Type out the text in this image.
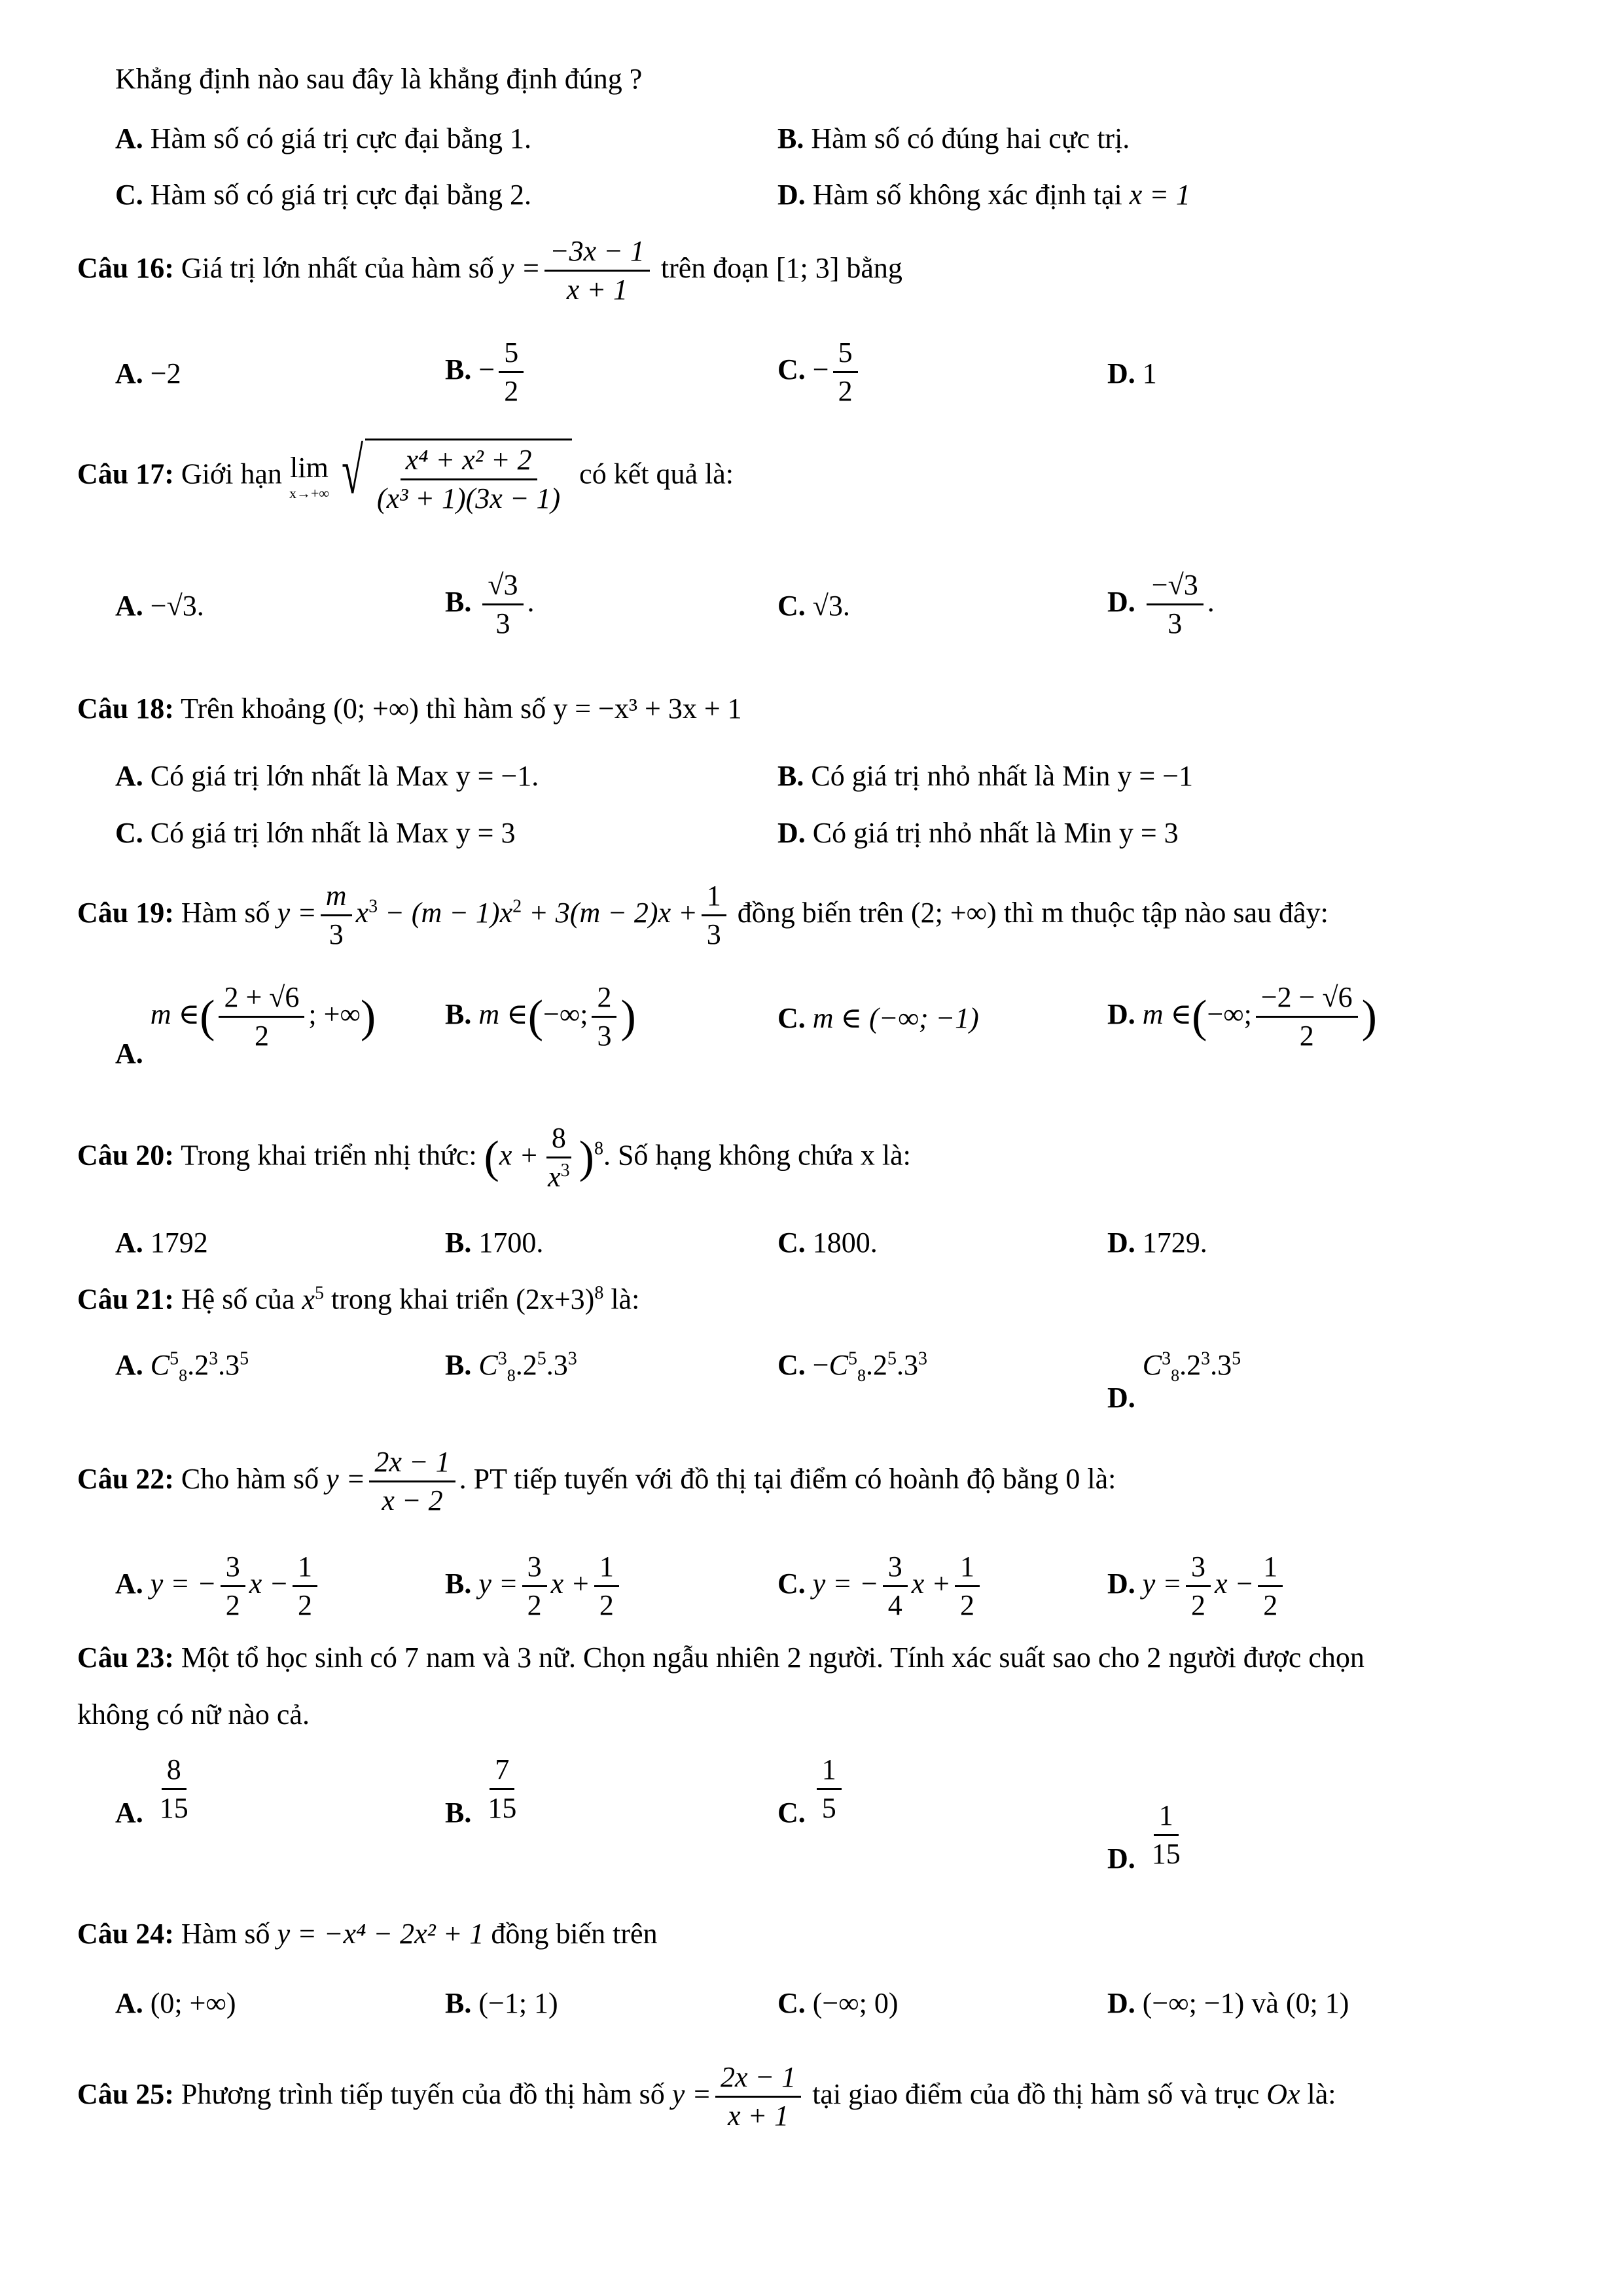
Khẳng định nào sau đây là khẳng định đúng ?
A. Hàm số có giá trị cực đại bằng 1.	B. Hàm số có đúng hai cực trị.
C. Hàm số có giá trị cực đại bằng 2.	D. Hàm số không xác định tại x = 1
Câu 16: Giá trị lớn nhất của hàm số $y = \frac{-3x - 1}{x + 1}$ trên đoạn [1; 3] bằng
A. −2	B. − $\frac{5}{2}$	C. − $\frac{5}{2}$	D. 1
Câu 17: Giới hạn lim
x→+∞ √ $\frac{\text{x⁴ + x² + 2}}{\text{(x³ + 1)(3x − 1)}}$ có kết quả là:
A. −√3.	B. $\frac{√3}{3}$ .	C. √3.	D. $\frac{-√3}{3}$ .
Câu 18: Trên khoảng (0; +∞) thì hàm số y = −x³ + 3x + 1
A. Có giá trị lớn nhất là Max y = −1.	B. Có giá trị nhỏ nhất là Min y = −1
C. Có giá trị lớn nhất là Max y = 3	D. Có giá trị nhỏ nhất là Min y = 3
Câu 19: Hàm số $y = \frac{m}{3} x^3 - (m - 1)x^2 + 3(m - 2)x + \frac{1}{3}$ đồng biến trên (2; +∞) thì m thuộc tập nào sau đây:
A. m ∈( $\frac{2 + √6}{2}$ ; +∞) B. m ∈(−∞; $\frac{2}{3}$ )	C. m ∈ (−∞; −1)	D. m ∈(−∞; $\frac{-2 - √6}{2}$ )
Câu 20: Trong khai triển nhị thức: $(x + \frac{8}{x^3} )^8$. Số hạng không chứa x là:
A. 1792	B. 1700.	C. 1800.	D. 1729.
Câu 21: Hệ số của $x^5$ trong khai triển $(2x+3)^8$ là:
A. $C^5_8.2^3.3^5$	B. $C^3_8.2^5.3^3$	C. $-C^5_8.2^5.3^3$
D. $C^3_8.2^3.3^5$
Câu 22: Cho hàm số $y = \frac{2x - 1}{x - 2}$ . PT tiếp tuyến với đồ thị tại điểm có hoành độ bằng 0 là:
A. y = − $\frac{3}{2}$ $x - \frac{1}{2}$	B. $y = \frac{3}{2}$ $x + \frac{1}{2}$	C. y = − $\frac{3}{4}$ $x + \frac{1}{2}$	D. $y = \frac{3}{2}$ $x - \frac{1}{2}$
Câu 23: Một tổ học sinh có 7 nam và 3 nữ. Chọn ngẫu nhiên 2 người. Tính xác suất sao cho 2 người được chọn
không có nữ nào cả.
A. $\frac{8}{15}$	B. $\frac{7}{15}$	C. $\frac{1}{5}$
D. $\frac{1}{15}$
Câu 24: Hàm số y = −x⁴ − 2x² + 1 đồng biến trên
A. (0; +∞)	B. (−1; 1)	C. (−∞; 0)	D. (−∞; −1) và (0; 1)
Câu 25: Phương trình tiếp tuyến của đồ thị hàm số $y = \frac{2x - 1}{x + 1}$ tại giao điểm của đồ thị hàm số và trục Ox là:
